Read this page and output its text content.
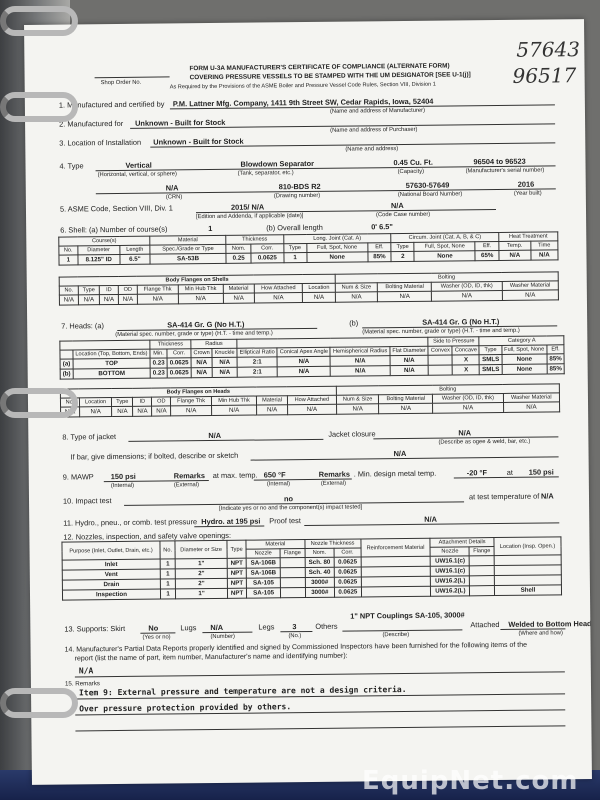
57643
96517
Shop Order No.
FORM U-3A MANUFACTURER'S CERTIFICATE OF COMPLIANCE (ALTERNATE FORM)
COVERING PRESSURE VESSELS TO BE STAMPED WITH THE UM DESIGNATOR [SEE U-1(j)]
As Required by the Provisions of the ASME Boiler and Pressure Vessel Code Rules, Section VIII, Division 1
1. Manufactured and certified by P.M. Lattner Mfg. Company, 1411 9th Street SW, Cedar Rapids, Iowa, 52404
(Name and address of Manufacturer)
2. Manufactured for Unknown - Built for Stock
(Name and address of Purchaser)
3. Location of Installation Unknown - Built for Stock
(Name and address)
4. Type	Vertical	Blowdown Separator	0.45 Cu. Ft.	96504 to 96523
(Horizontal, vertical, or sphere)	(Tank, separator, etc.)	(Capacity)	(Manufacturer's serial number)
N/A	810-BDS R2	57630-57649	2016
(CRN)	(Drawing number)	(National Board Number)	(Year built)
5. ASME Code, Section VIII, Div. 1	2015/ N/A	N/A
[Edition and Addenda, if applicable (date)]	(Code Case number)
6. Shell: (a) Number of course(s)	1	(b) Overall length	0' 6.5"
Course(s)			Material	Thickness		Long. Joint (Cat. A)			Circum. Joint (Cat. A, B, & C)			Heat Treatment	
No.	Diameter	Length	Spec./Grade or Type	Nom.	Corr.	Type	Full, Spot, None	Eff.	Type	Full, Spot, None	Eff.	Temp.	Time
1	8.125" ID	6.5"	SA-53B	0.25	0.0625	1	None	85%	2	None	65%	N/A	N/A
Body Flanges on Shells									Bolting			
No.	Type	ID	OD	Flange Thk	Min Hub Thk	Material	How Attached	Location	Num & Size	Bolting Material	Washer (OD, ID, thk)	Washer Material
N/A	N/A	N/A	N/A	N/A	N/A	N/A	N/A	N/A	N/A	N/A	N/A	N/A
7. Heads: (a)	SA-414 Gr. G (No H.T.)	(b)	SA-414 Gr. G (No H.T.)
(Material spec. number, grade or type) (H.T. - time and temp.)	(Material spec. number, grade or type) (H.T. - time and temp.)
		Thickness		Radius						Side to Pressure		Category A		
	Location (Top, Bottom, Ends)	Min.	Corr.	Crown	Knuckle	Elliptical Ratio	Conical Apex Angle	Hemispherical Radius	Flat Diameter	Convex	Concave	Type	Full, Spot, None	Eff.
(a)	TOP	0.23	0.0625	N/A	N/A	2:1	N/A	N/A	N/A		X	SMLS	None	85%
(b)	BOTTOM	0.23	0.0625	N/A	N/A	2:1	N/A	N/A	N/A		X	SMLS	None	85%
Body Flanges on Heads									Bolting			
No.	Location	Type	ID	OD	Flange Thk	Min Hub Thk	Material	How Attached	Num & Size	Bolting Material	Washer (OD, ID, thk)	Washer Material
N/A	N/A	N/A	N/A	N/A	N/A	N/A	N/A	N/A	N/A	N/A	N/A	N/A
8. Type of jacket	N/A	Jacket closure	N/A
(Describe as ogee & weld, bar, etc.)
If bar, give dimensions; if bolted, describe or sketch	N/A
9. MAWP 150 psi	Remarks at max. temp. 650 °F	Remarks . Min. design metal temp.	-20 °F	at 150 psi
(Internal)	(External)	(Internal)	(External)
10. Impact test	no	at test temperature of N/A
[Indicate yes or no and the component(s) impact tested]
11. Hydro., pneu., or comb. test pressure Hydro. at 195 psi Proof test	N/A
12. Nozzles, inspection, and safety valve openings:
Purpose (Inlet, Outlet, Drain, etc.)	No.	Diameter or Size	Type	Material		Nozzle Thickness		Reinforcement Material	Attachment Details		Location (Insp. Open.)
				Nozzle	Flange	Nom.	Corr.		Nozzle	Flange	
Inlet	1	1"	NPT	SA-106B		Sch. 80	0.0625		UW16.1(c)		
Vent	1	2"	NPT	SA-106B		Sch. 40	0.0625		UW16.1(c)		
Drain	1	2"	NPT	SA-105		3000#	0.0625		UW16.2(L)		
Inspection	1	1"	NPT	SA-105		3000#	0.0625		UW16.2(L)		Shell
1" NPT Couplings SA-105, 3000#
13. Supports: Skirt	No	Lugs N/A	Legs 3	Others	Attached Welded to Bottom Head
(Yes or no)	(Number)	(No.)	(Describe)	(Where and how)
14. Manufacturer's Partial Data Reports properly identified and signed by Commissioned Inspectors have been furnished for the following items of the
report (list the name of part, item number, Manufacturer's name and identifying number):
N/A
15. Remarks
Item 9: External pressure and temperature are not a design criteria.
Over pressure protection provided by others.
EquipNet.com
